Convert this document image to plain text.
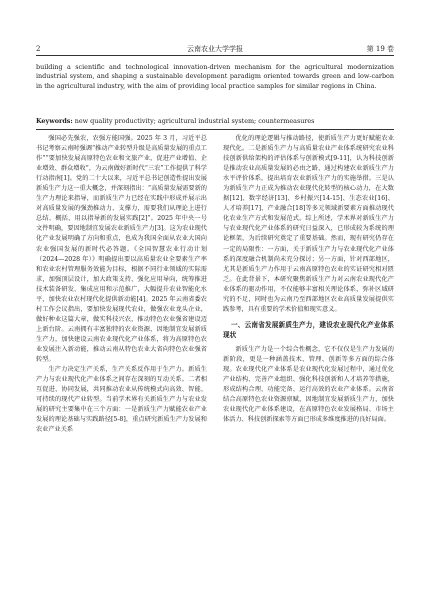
2	云南农业大学学报	第 19 卷
building a scientific and technological innovation-driven mechanism for the agricultural modernization industrial system, and shaping a sustainable development paradigm oriented towards green and low-carbon in the agricultural industry, with the aim of providing local practice samples for similar regions in China.
Keywords: new quality productivity; agricultural industrial system; countermeasures

强国必先强农，农强方能国强。2025 年 3 月，习近平总书记考察云南时强调“推动产业转型升级是高质量发展的重点工作”“要加快发展高原特色农业和文旅产业，促进产业增值、企业增效、群众增收”，为云南做好新时代“三农”工作提供了科学行动指南[1]。党的二十大以来，习近平总书记创造性提出发展新质生产力这一重大概念，并深刻指出：“高质量发展需要新的生产力理论来指导，而新质生产力已经在实践中形成并展示出对高质量发展的强劲推动力、支撑力，需要我们从理论上进行总结、概括，用以指导新的发展实践[2]”。2025 年中央一号文件明确，要因地制宜发展农业新质生产力[3]。这为农业现代化产业发展明确了方向和重点，也成为我国全面从农业大国向农业强国发展的新时代必答题。《全国智慧农业行动计划（2024—2028 年）》明确提出要以高质量农业全要素生产率和农业农村管理服务效能为目标，根据不同行业领域的实际需求，加强顶层设计，加大政策支持、强化应用导向，统筹推进技术装备研发、集成应用和示范推广，大幅提升农业智能化水平，加快农业农村现代化提供新动能[4]。2025 年云南省委农村工作会议指出，要加快发展现代农业，做强农业龙头企业，做好种业这篇大章，做实科技兴农，推动特色农业强省建设迈上新台阶。云南拥有丰富独特的农业资源，因地制宜发展新质生产力，加快建设云南农业现代化产业体系，将为高原特色农业发展注入新动能，推动云南从特色农业大省向特色农业强省转型。

生产力决定生产关系，生产关系反作用于生产力。新质生产力与农业现代化产业体系之间存在深刻的互动关系。二者相互促进、协同发展，共同推动农业从传统模式向高效、智能、可持续的现代产业转型。当前学术界有关新质生产力与农业发展的研究主要集中在三个方面：一是新质生产力赋能农业产业发展的理论基础与实践路径[5-8]，重点研究新质生产力发展和农业产业关系

优化的理论逻辑与推动路径，使新质生产力更好赋能农业现代化。二是新质生产力与高质量农业产业体系统研究农业科技创新供给架构的评估体系与创新模式[9-11]，认为科技创新是推动农业高质量发展的必由之路，通过构建农业新质生产力水平评价体系，提出培育农业新质生产力的实施举措。三是认为新质生产力正成为推动农业现代化转型的核心动力，在大数据[12]、数字经济[13]、乡村振兴[14-15]、生态农业[16]、人才培养[17]、产业融合[18]等多元领域新要素方面推动现代化农业生产方式和发展范式。综上所述，学术界对新质生产力与农业现代化产业体系的研究日益深入，已形成较为系统的理论框架，为后续研究奠定了重要基础。然而，现有研究仍存在一定的局限性：一方面，关于新质生产力与农业现代化产业体系的深度融合机制尚未充分探讨；另一方面，针对西部地区，尤其是新质生产力作用于云南高原特色农业的实证研究相对匮乏。在此背景下，本研究聚焦新质生产力对云南农业现代化产业体系的驱动作用，不仅能够丰富相关理论体系，弥补区域研究的不足，同时也为云南乃至西部地区农业高质量发展提供实践参考，具有重要的学术价值和现实意义。

一、云南省发展新质生产力，建设农业现代化产业体系现状

新质生产力是一个综合性概念，它不仅仅是生产力发展的新阶段，更是一种涵盖技术、管理、创新等多方面的综合体现。农业现代化产业体系是农业现代化发展过程中，通过优化产业结构、完善产业组织、强化科技创新和人才培养等措施，形成结构合理、功能完备、运行高效的农业产业体系。云南省结合高原特色农业资源禀赋，因地制宜发展新质生产力，加快农业现代化产业体系建设，在高原特色农业发展格局、市场主体活力、科技创新探索等方面已形成多维度推进的良好局面。
